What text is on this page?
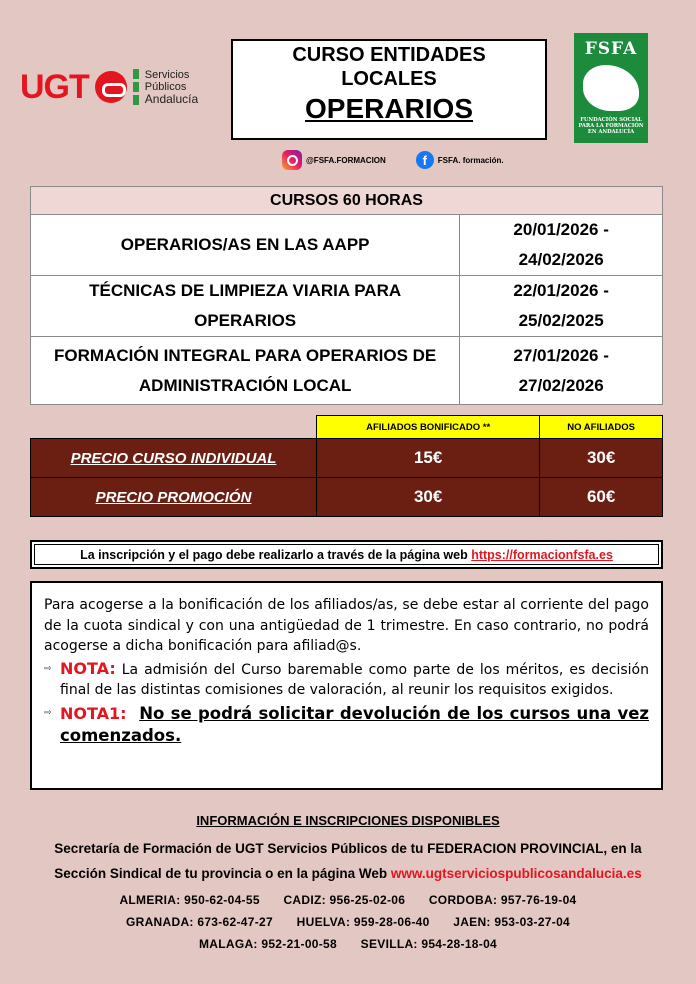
UGT	Servicios
Públicos
Andalucía
CURSO ENTIDADES
LOCALES
OPERARIOS
FSFA
FUNDACIÓN SOCIAL
PARA LA FORMACIÓN
EN ANDALUCÍA
@FSFA.FORMACION	f	FSFA. formación.
CURSOS 60 HORAS	
OPERARIOS/AS EN LAS AAPP	20/01/2026 -
24/02/2026

TÉCNICAS DE LIMPIEZA VIARIA PARA OPERARIOS	22/01/2026 -
25/02/2025

FORMACIÓN INTEGRAL PARA OPERARIOS DE ADMINISTRACIÓN LOCAL	27/01/2026 -
27/02/2026
	AFILIADOS BONIFICADO **	NO AFILIADOS
PRECIO CURSO INDIVIDUAL	15€	30€
PRECIO PROMOCIÓN	30€	60€
La inscripción y el pago debe realizarlo a través de la página web https://formacionfsfa.es

Para acogerse a la bonificación de los afiliados/as, se debe estar al corriente del pago de la cuota sindical y con una antigüedad de 1 trimestre. En caso contrario, no podrá acogerse a dicha bonificación para afiliad@s.

⇨ NOTA: La admisión del Curso baremable como parte de los méritos, es decisión final de las distintas comisiones de valoración, al reunir los requisitos exigidos.
⇨ NOTA1: No se podrá solicitar devolución de los cursos una vez comenzados.
INFORMACIÓN E INSCRIPCIONES DISPONIBLES
Secretaría de Formación de UGT Servicios Públicos de tu FEDERACION PROVINCIAL, en la
Sección Sindical de tu provincia o en la página Web www.ugtserviciospublicosandalucia.es
ALMERIA: 950-62-04-55 CADIZ: 956-25-02-06 CORDOBA: 957-76-19-04
GRANADA: 673-62-47-27 HUELVA: 959-28-06-40 JAEN: 953-03-27-04
MALAGA: 952-21-00-58 SEVILLA: 954-28-18-04
